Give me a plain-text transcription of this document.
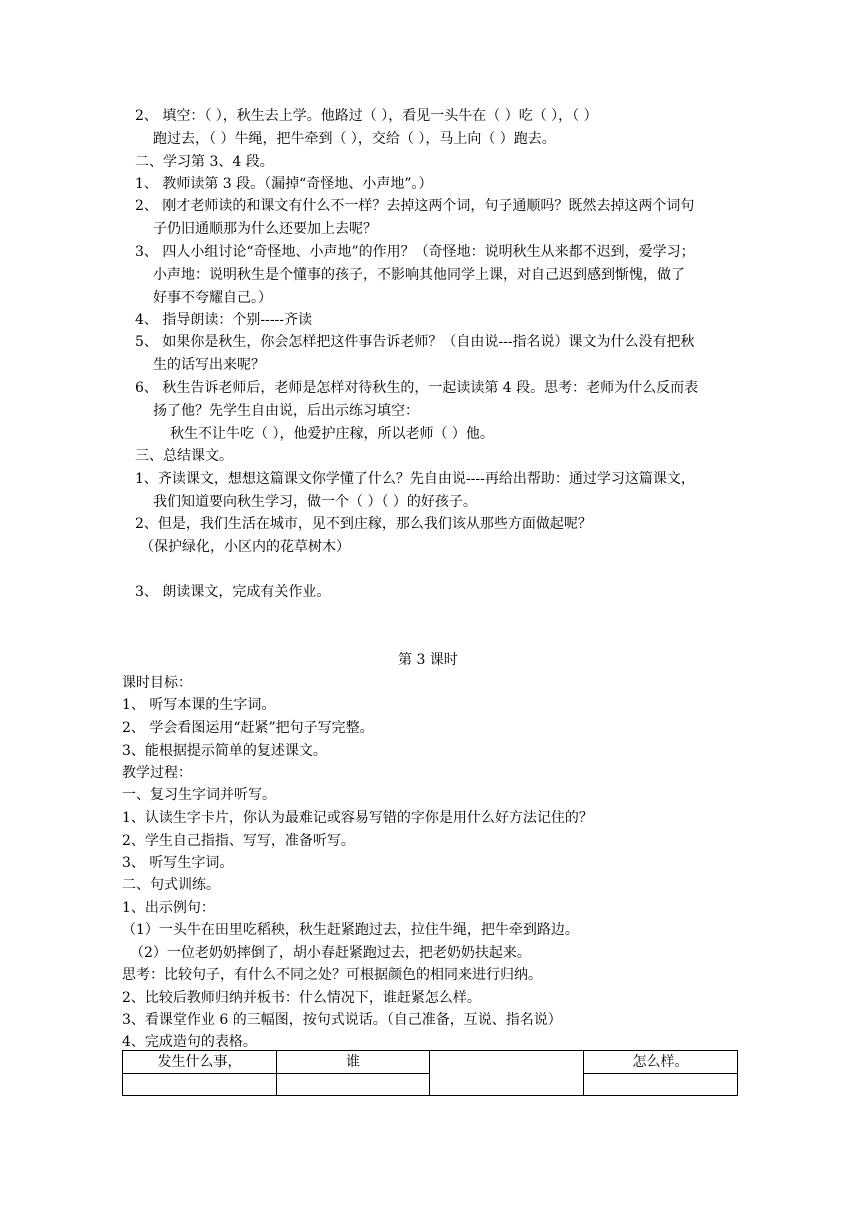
2、 填空：（ ），秋生去上学。他路过（ ），看见一头牛在（ ）吃（ ），（ ）
跑过去，（ ）牛绳，把牛牵到（ ），交给（ ），马上向（ ）跑去。
二、学习第 3、4 段。
1、 教师读第 3 段。（漏掉“奇怪地、小声地”。）
2、 刚才老师读的和课文有什么不一样？去掉这两个词，句子通顺吗？既然去掉这两个词句
子仍旧通顺那为什么还要加上去呢？
3、 四人小组讨论“奇怪地、小声地”的作用？（奇怪地：说明秋生从来都不迟到，爱学习；
小声地：说明秋生是个懂事的孩子，不影响其他同学上课，对自己迟到感到惭愧，做了
好事不夸耀自己。）
4、 指导朗读：个别-----齐读
5、 如果你是秋生，你会怎样把这件事告诉老师？（自由说---指名说）课文为什么没有把秋
生的话写出来呢？
6、 秋生告诉老师后，老师是怎样对待秋生的，一起读读第 4 段。思考：老师为什么反而表
扬了他？先学生自由说，后出示练习填空：
秋生不让牛吃（ ），他爱护庄稼，所以老师（ ）他。
三、总结课文。
1、齐读课文，想想这篇课文你学懂了什么？先自由说----再给出帮助：通过学习这篇课文，
我们知道要向秋生学习，做一个（ ）（ ）的好孩子。
2、但是，我们生活在城市，见不到庄稼，那么我们该从那些方面做起呢？
（保护绿化，小区内的花草树木）
3、 朗读课文，完成有关作业。
第 3 课时
课时目标：
1、 听写本课的生字词。
2、 学会看图运用“赶紧”把句子写完整。
3、能根据提示简单的复述课文。
教学过程：
一、复习生字词并听写。
1、认读生字卡片，你认为最难记或容易写错的字你是用什么好方法记住的？
2、学生自己指指、写写，准备听写。
3、 听写生字词。
二、句式训练。
1、出示例句：
（1）一头牛在田里吃稻秧，秋生赶紧跑过去，拉住牛绳，把牛牵到路边。
（2）一位老奶奶摔倒了，胡小春赶紧跑过去，把老奶奶扶起来。
思考：比较句子，有什么不同之处？可根据颜色的相同来进行归纳。
2、比较后教师归纳并板书：什么情况下，谁赶紧怎么样。
3、看课堂作业 6 的三幅图，按句式说话。（自己准备，互说、指名说）
4、完成造句的表格。
发生什么事，	谁	怎么样。
